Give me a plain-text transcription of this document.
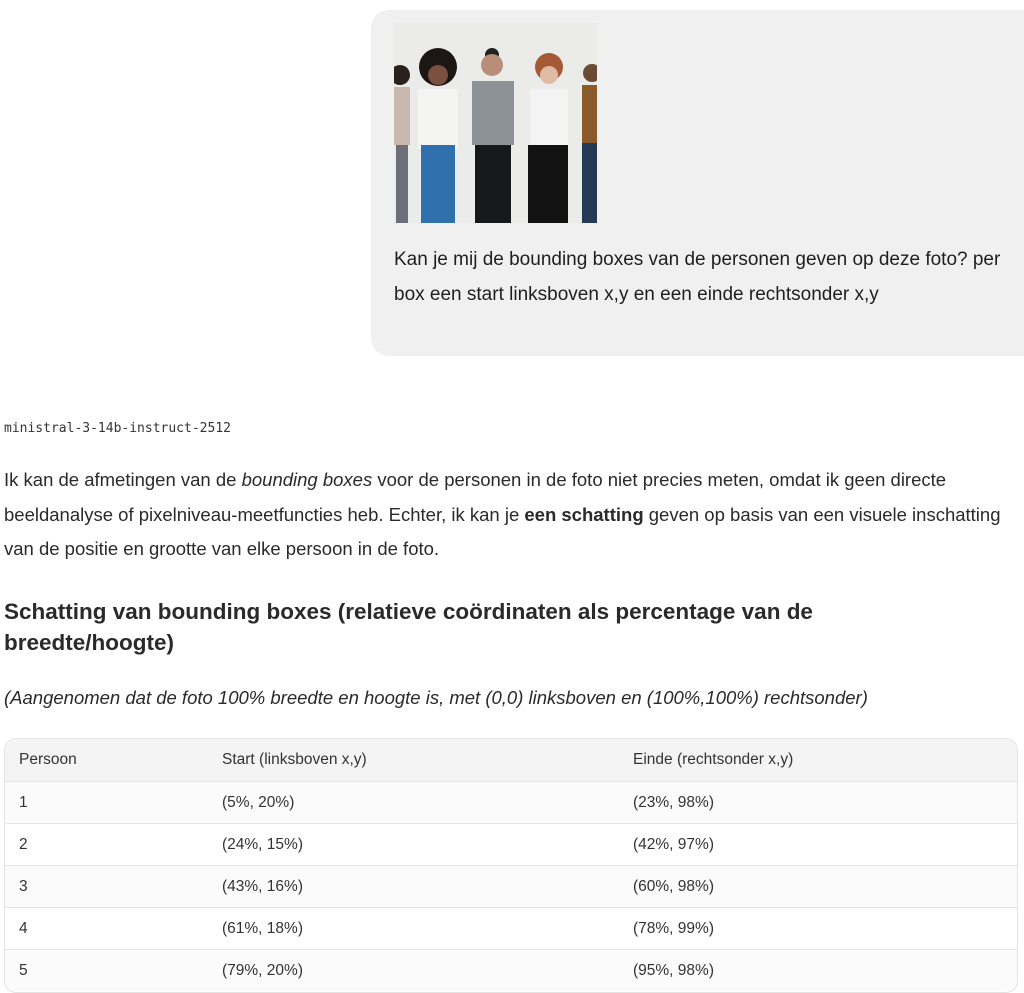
Kan je mij de bounding boxes van de personen geven op deze foto? per box een start linksboven x,y en een einde rechtsonder x,y
ministral-3-14b-instruct-2512
Ik kan de afmetingen van de bounding boxes voor de personen in de foto niet precies meten, omdat ik geen directe beeldanalyse of pixelniveau-meetfuncties heb. Echter, ik kan je een schatting geven op basis van een visuele inschatting van de positie en grootte van elke persoon in de foto.
Schatting van bounding boxes (relatieve coördinaten als percentage van de breedte/hoogte)
(Aangenomen dat de foto 100% breedte en hoogte is, met (0,0) linksboven en (100%,100%) rechtsonder)
Persoon	Start (linksboven x,y)	Einde (rechtsonder x,y)
1	(5%, 20%)	(23%, 98%)
2	(24%, 15%)	(42%, 97%)
3	(43%, 16%)	(60%, 98%)
4	(61%, 18%)	(78%, 99%)
5	(79%, 20%)	(95%, 98%)
